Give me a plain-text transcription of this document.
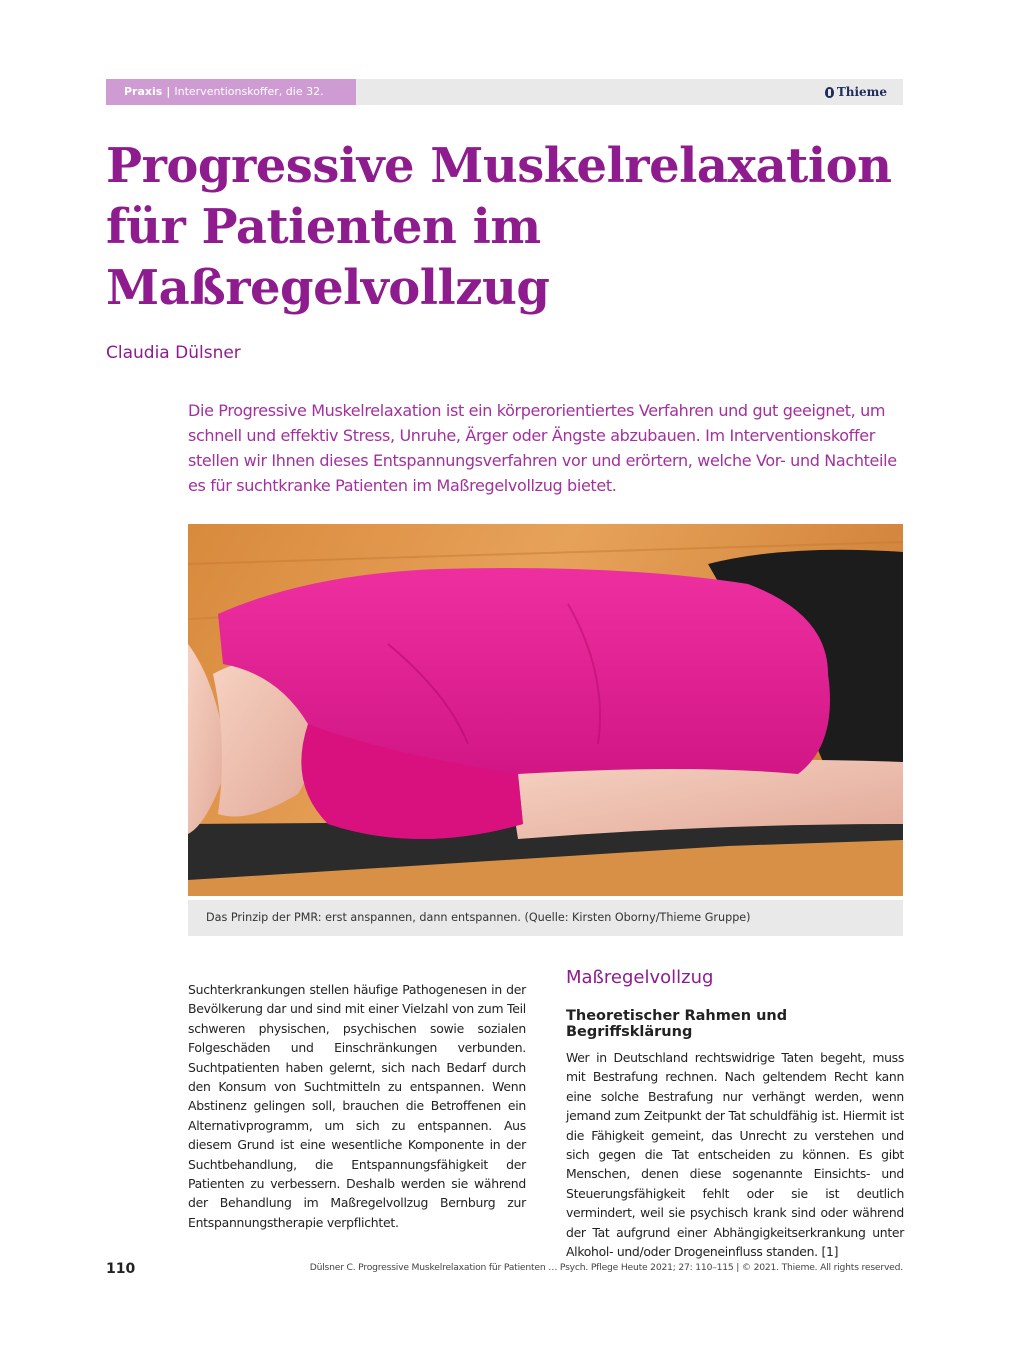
Praxis | Interventionskoffer, die 32.	Thieme
Progressive Muskelrelaxation für Patienten im Maßregelvollzug
Claudia Dülsner

Die Progressive Muskelrelaxation ist ein körperorientiertes Verfahren und gut geeignet, um schnell und effektiv Stress, Unruhe, Ärger oder Ängste abzubauen. Im Interventionskoffer stellen wir Ihnen dieses Entspannungsverfahren vor und erörtern, welche Vor- und Nachteile es für suchtkranke Patienten im Maßregelvollzug bietet.

Das Prinzip der PMR: erst anspannen, dann entspannen. (Quelle: Kirsten Oborny/Thieme Gruppe)

Suchterkrankungen stellen häufige Pathogenesen in der Bevölkerung dar und sind mit einer Vielzahl von zum Teil schweren physischen, psychischen sowie sozialen Folgeschäden und Einschränkungen verbunden. Suchtpatienten haben gelernt, sich nach Bedarf durch den Konsum von Suchtmitteln zu entspannen. Wenn Abstinenz gelingen soll, brauchen die Betroffenen ein Alternativprogramm, um sich zu entspannen. Aus diesem Grund ist eine wesentliche Komponente in der Suchtbehandlung, die Entspannungsfähigkeit der Patienten zu verbessern. Deshalb werden sie während der Behandlung im Maßregelvollzug Bernburg zur Entspannungstherapie verpflichtet.

Maßregelvollzug
Theoretischer Rahmen und Begriffsklärung

Wer in Deutschland rechtswidrige Taten begeht, muss mit Bestrafung rechnen. Nach geltendem Recht kann eine solche Bestrafung nur verhängt werden, wenn jemand zum Zeitpunkt der Tat schuldfähig ist. Hiermit ist die Fähigkeit gemeint, das Unrecht zu verstehen und sich gegen die Tat entscheiden zu können. Es gibt Menschen, denen diese sogenannte Einsichts- und Steuerungsfähigkeit fehlt oder sie ist deutlich vermindert, weil sie psychisch krank sind oder während der Tat aufgrund einer Abhängigkeitserkrankung unter Alkohol- und/oder Drogeneinfluss standen. [1]

110	Dülsner C. Progressive Muskelrelaxation für Patienten … Psych. Pflege Heute 2021; 27: 110–115 | © 2021. Thieme. All rights reserved.
